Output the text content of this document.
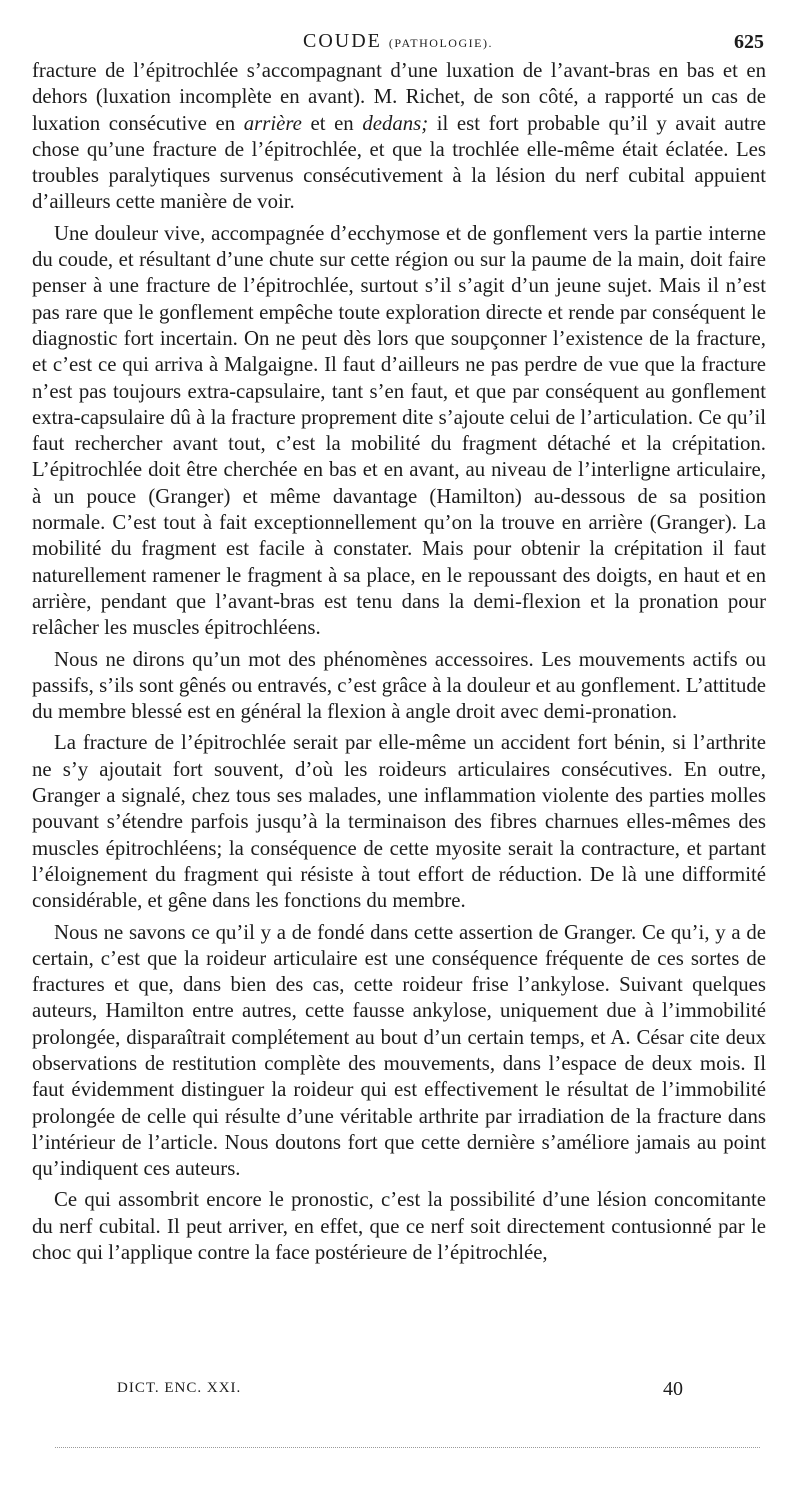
COUDE (PATHOLOGIE).	625

fracture de l’épitrochlée s’accompagnant d’une luxation de l’avant-bras en bas et en dehors (luxation incomplète en avant). M. Richet, de son côté, a rapporté un cas de luxation consécutive en arrière et en dedans; il est fort probable qu’il y avait autre chose qu’une fracture de l’épitrochlée, et que la trochlée elle-même était éclatée. Les troubles paralytiques survenus consécutivement à la lésion du nerf cubital appuient d’ailleurs cette manière de voir.

Une douleur vive, accompagnée d’ecchymose et de gonflement vers la partie interne du coude, et résultant d’une chute sur cette région ou sur la paume de la main, doit faire penser à une fracture de l’épitrochlée, surtout s’il s’agit d’un jeune sujet. Mais il n’est pas rare que le gonflement empêche toute exploration directe et rende par conséquent le diagnostic fort incertain. On ne peut dès lors que soupçonner l’existence de la fracture, et c’est ce qui arriva à Malgaigne. Il faut d’ailleurs ne pas perdre de vue que la fracture n’est pas toujours extra-capsulaire, tant s’en faut, et que par conséquent au gonflement extra-capsulaire dû à la fracture proprement dite s’ajoute celui de l’articulation. Ce qu’il faut rechercher avant tout, c’est la mobilité du fragment détaché et la crépitation. L’épitrochlée doit être cherchée en bas et en avant, au niveau de l’interligne articulaire, à un pouce (Granger) et même davantage (Hamilton) au-dessous de sa position normale. C’est tout à fait exceptionnellement qu’on la trouve en arrière (Granger). La mobilité du fragment est facile à constater. Mais pour obtenir la crépitation il faut naturellement ramener le fragment à sa place, en le repoussant des doigts, en haut et en arrière, pendant que l’avant-bras est tenu dans la demi-flexion et la pronation pour relâcher les muscles épitrochléens.

Nous ne dirons qu’un mot des phénomènes accessoires. Les mouvements actifs ou passifs, s’ils sont gênés ou entravés, c’est grâce à la douleur et au gonflement. L’attitude du membre blessé est en général la flexion à angle droit avec demi-pronation.

La fracture de l’épitrochlée serait par elle-même un accident fort bénin, si l’arthrite ne s’y ajoutait fort souvent, d’où les roideurs articulaires consécutives. En outre, Granger a signalé, chez tous ses malades, une inflammation violente des parties molles pouvant s’étendre parfois jusqu’à la terminaison des fibres charnues elles-mêmes des muscles épitrochléens; la conséquence de cette myosite serait la contracture, et partant l’éloignement du fragment qui résiste à tout effort de réduction. De là une difformité considérable, et gêne dans les fonctions du membre.

Nous ne savons ce qu’il y a de fondé dans cette assertion de Granger. Ce qu’i, y a de certain, c’est que la roideur articulaire est une conséquence fréquente de ces sortes de fractures et que, dans bien des cas, cette roideur frise l’ankylose. Suivant quelques auteurs, Hamilton entre autres, cette fausse ankylose, uniquement due à l’immobilité prolongée, disparaîtrait complétement au bout d’un certain temps, et A. César cite deux observations de restitution complète des mouvements, dans l’espace de deux mois. Il faut évidemment distinguer la roideur qui est effectivement le résultat de l’immobilité prolongée de celle qui résulte d’une véritable arthrite par irradiation de la fracture dans l’intérieur de l’article. Nous doutons fort que cette dernière s’améliore jamais au point qu’indiquent ces auteurs.

Ce qui assombrit encore le pronostic, c’est la possibilité d’une lésion concomitante du nerf cubital. Il peut arriver, en effet, que ce nerf soit directement contusionné par le choc qui l’applique contre la face postérieure de l’épitrochlée,

DICT. ENC. XXI.	40
